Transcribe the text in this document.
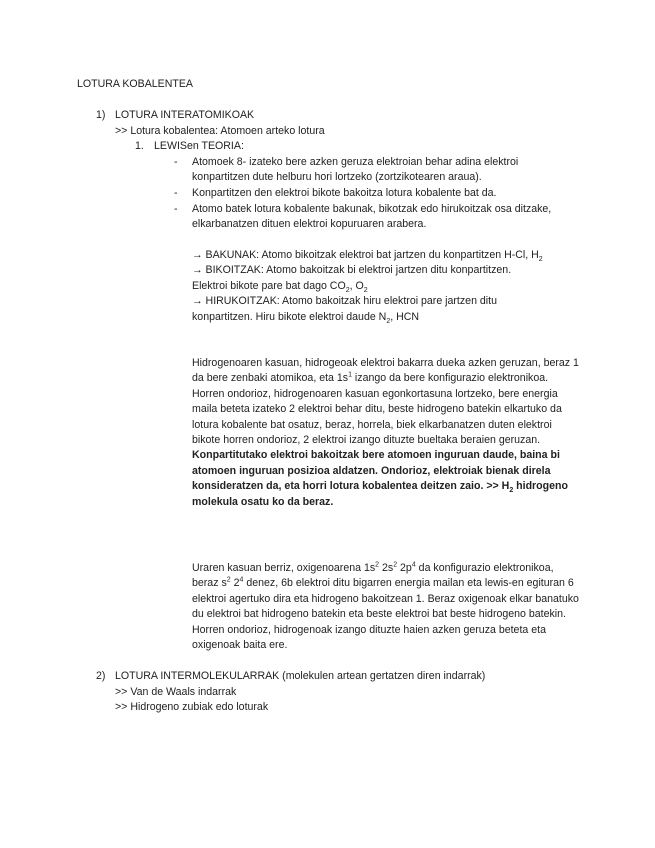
LOTURA KOBALENTEA
1) LOTURA INTERATOMIKOAK
>> Lotura kobalentea: Atomoen arteko lotura
1. LEWISen TEORIA:
- Atomoek 8- izateko bere azken geruza elektroian behar adina elektroi konpartitzen dute helburu hori lortzeko (zortzikotearen araua).
- Konpartitzen den elektroi bikote bakoitza lotura kobalente bat da.
- Atomo batek lotura kobalente bakunak, bikotzak edo hirukoitzak osa ditzake, elkarbanatzen dituen elektroi kopuruaren arabera.

→ BAKUNAK: Atomo bikoitzak elektroi bat jartzen du konpartitzen H-Cl, $H_2$

→ BIKOITZAK: Atomo bakoitzak bi elektroi jartzen ditu konpartitzen.
Elektroi bikote pare bat dago $CO_2$, $O_2$

→ HIRUKOITZAK: Atomo bakoitzak hiru elektroi pare jartzen ditu
konpartitzen. Hiru bikote elektroi daude $N_2$, HCN

Hidrogenoaren kasuan, hidrogeoak elektroi bakarra dueka azken geruzan, beraz 1 da bere zenbaki atomikoa, eta $1s^1$ izango da bere konfigurazio elektronikoa. Horren ondorioz, hidrogenoaren kasuan egonkortasuna lortzeko, bere energia maila beteta izateko 2 elektroi behar ditu, beste hidrogeno batekin elkartuko da lotura kobalente bat osatuz, beraz, horrela, biek elkarbanatzen duten elektroi bikote horren ondorioz, 2 elektroi izango dituzte bueltaka beraien geruzan. Konpartitutako elektroi bakoitzak bere atomoen inguruan daude, baina bi atomoen inguruan posizioa aldatzen. Ondorioz, elektroiak bienak direla konsideratzen da, eta horri lotura kobalentea deitzen zaio. >> $H_2$ hidrogeno molekula osatu ko da beraz.

Uraren kasuan berriz, oxigenoarena $1s^2$ $2s^2$ $2p^4$ da konfigurazio elektronikoa, beraz $s^2$ $2^4$ denez, 6b elektroi ditu bigarren energia mailan eta lewis-en egituran 6 elektroi agertuko dira eta hidrogeno bakoitzean 1. Beraz oxigenoak elkar banatuko du elektroi bat hidrogeno batekin eta beste elektroi bat beste hidrogeno batekin. Horren ondorioz, hidrogenoak izango dituzte haien azken geruza beteta eta oxigenoak baita ere.

2) LOTURA INTERMOLEKULARRAK (molekulen artean gertatzen diren indarrak)
>> Van de Waals indarrak
>> Hidrogeno zubiak edo loturak
